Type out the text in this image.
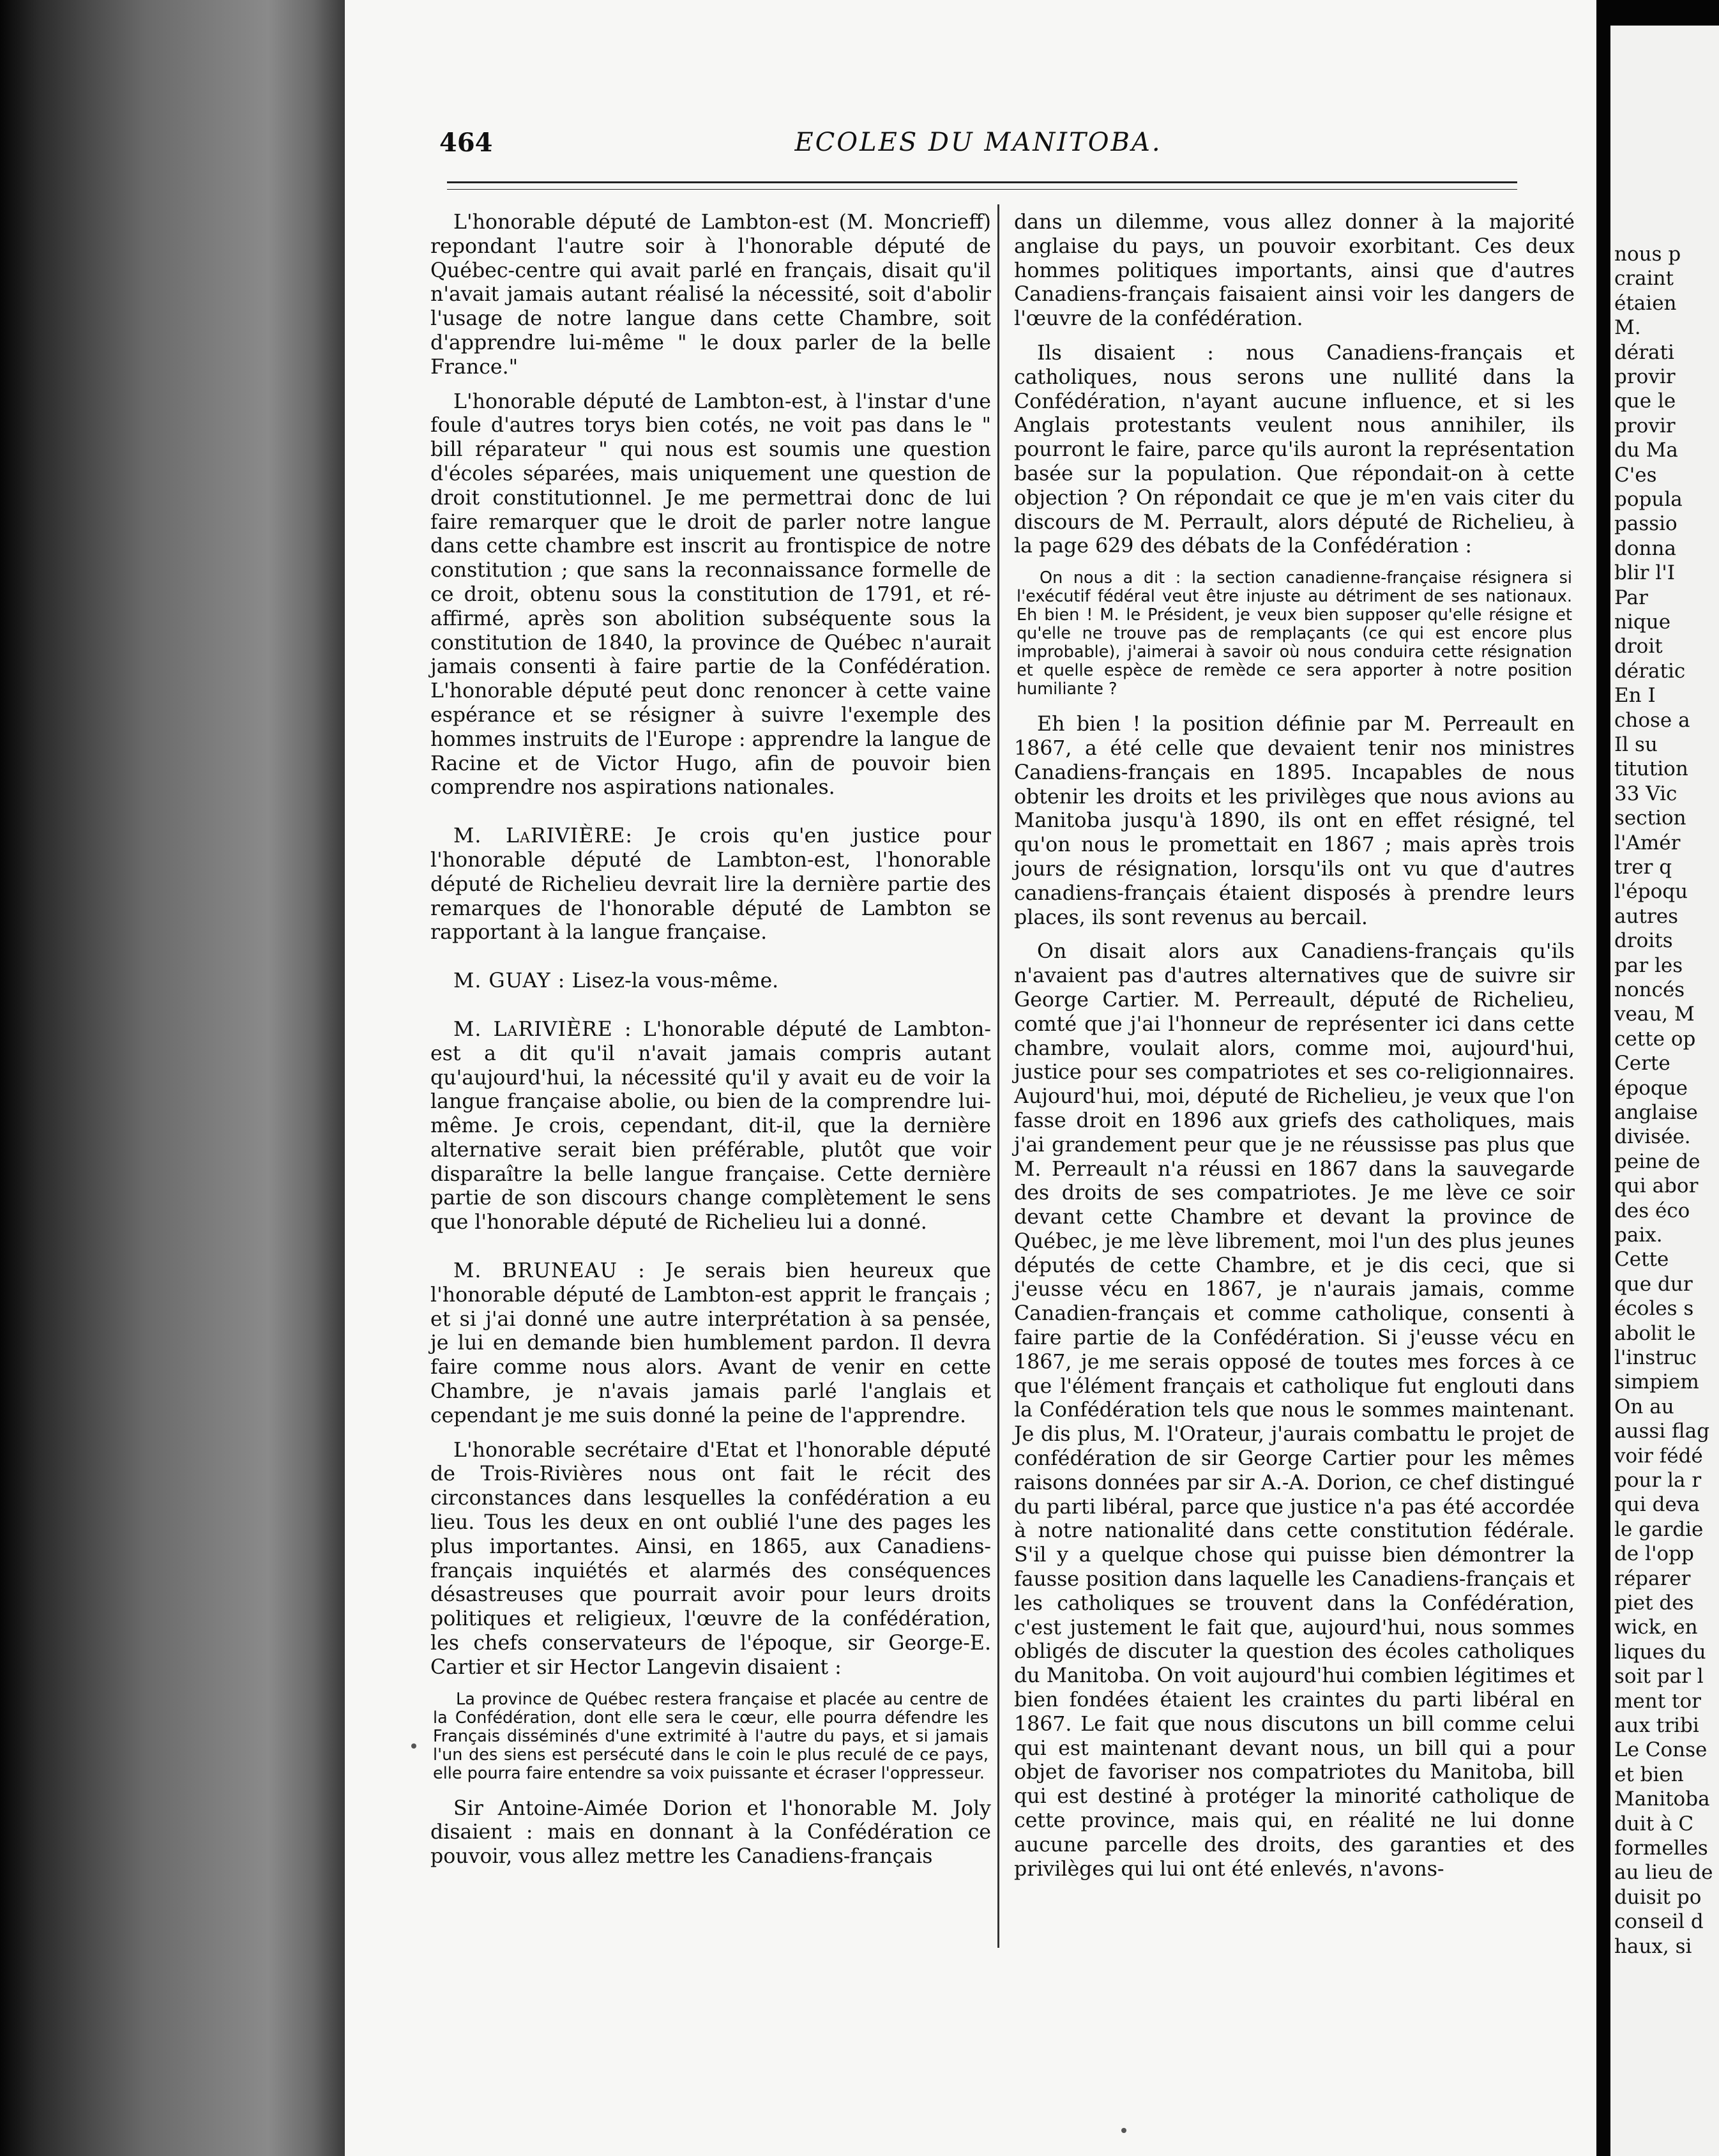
464	ECOLES DU MANITOBA.

L'honorable député de Lambton-est (M. Moncrieff) repondant l'autre soir à l'honorable député de Québec-centre qui avait parlé en français, disait qu'il n'avait jamais autant réalisé la nécessité, soit d'abolir l'usage de notre langue dans cette Chambre, soit d'apprendre lui-même " le doux parler de la belle France."

L'honorable député de Lambton-est, à l'instar d'une foule d'autres torys bien cotés, ne voit pas dans le " bill réparateur " qui nous est soumis une question d'écoles séparées, mais uniquement une question de droit constitutionnel. Je me permettrai donc de lui faire remarquer que le droit de parler notre langue dans cette chambre est inscrit au frontispice de notre constitution ; que sans la reconnaissance formelle de ce droit, obtenu sous la constitution de 1791, et ré-affirmé, après son abolition subséquente sous la constitution de 1840, la province de Québec n'aurait jamais consenti à faire partie de la Confédération. L'honorable député peut donc renoncer à cette vaine espérance et se résigner à suivre l'exemple des hommes instruits de l'Europe : apprendre la langue de Racine et de Victor Hugo, afin de pouvoir bien comprendre nos aspirations nationales.

M. LaRIVIÈRE: Je crois qu'en justice pour l'honorable député de Lambton-est, l'honorable député de Richelieu devrait lire la dernière partie des remarques de l'honorable député de Lambton se rapportant à la langue française.

M. GUAY : Lisez-la vous-même.

M. LaRIVIÈRE : L'honorable député de Lambton-est a dit qu'il n'avait jamais compris autant qu'aujourd'hui, la nécessité qu'il y avait eu de voir la langue française abolie, ou bien de la comprendre lui-même. Je crois, cependant, dit-il, que la dernière alternative serait bien préférable, plutôt que voir disparaître la belle langue française. Cette dernière partie de son discours change complètement le sens que l'honorable député de Richelieu lui a donné.

M. BRUNEAU : Je serais bien heureux que l'honorable député de Lambton-est apprit le français ; et si j'ai donné une autre interprétation à sa pensée, je lui en demande bien humblement pardon. Il devra faire comme nous alors. Avant de venir en cette Chambre, je n'avais jamais parlé l'anglais et cependant je me suis donné la peine de l'apprendre.

L'honorable secrétaire d'Etat et l'honorable député de Trois-Rivières nous ont fait le récit des circonstances dans lesquelles la confédération a eu lieu. Tous les deux en ont oublié l'une des pages les plus importantes. Ainsi, en 1865, aux Canadiens-français inquiétés et alarmés des conséquences désastreuses que pourrait avoir pour leurs droits politiques et religieux, l'œuvre de la confédération, les chefs conservateurs de l'époque, sir George-E. Cartier et sir Hector Langevin disaient :

La province de Québec restera française et placée au centre de la Confédération, dont elle sera le cœur, elle pourra défendre les Français disséminés d'une extrimité à l'autre du pays, et si jamais l'un des siens est persécuté dans le coin le plus reculé de ce pays, elle pourra faire entendre sa voix puissante et écraser l'oppresseur.

Sir Antoine-Aimée Dorion et l'honorable M. Joly disaient : mais en donnant à la Confédération ce pouvoir, vous allez mettre les Canadiens-français

dans un dilemme, vous allez donner à la majorité anglaise du pays, un pouvoir exorbitant. Ces deux hommes politiques importants, ainsi que d'autres Canadiens-français faisaient ainsi voir les dangers de l'œuvre de la confédération.

Ils disaient : nous Canadiens-français et catholiques, nous serons une nullité dans la Confédération, n'ayant aucune influence, et si les Anglais protestants veulent nous annihiler, ils pourront le faire, parce qu'ils auront la représentation basée sur la population. Que répondait-on à cette objection ? On répondait ce que je m'en vais citer du discours de M. Perrault, alors député de Richelieu, à la page 629 des débats de la Confédération :

On nous a dit : la section canadienne-française résignera si l'exécutif fédéral veut être injuste au détriment de ses nationaux. Eh bien ! M. le Président, je veux bien supposer qu'elle résigne et qu'elle ne trouve pas de remplaçants (ce qui est encore plus improbable), j'aimerai à savoir où nous conduira cette résignation et quelle espèce de remède ce sera apporter à notre position humiliante ?

Eh bien ! la position définie par M. Perreault en 1867, a été celle que devaient tenir nos ministres Canadiens-français en 1895. Incapables de nous obtenir les droits et les privilèges que nous avions au Manitoba jusqu'à 1890, ils ont en effet résigné, tel qu'on nous le promettait en 1867 ; mais après trois jours de résignation, lorsqu'ils ont vu que d'autres canadiens-français étaient disposés à prendre leurs places, ils sont revenus au bercail.

On disait alors aux Canadiens-français qu'ils n'avaient pas d'autres alternatives que de suivre sir George Cartier. M. Perreault, député de Richelieu, comté que j'ai l'honneur de représenter ici dans cette chambre, voulait alors, comme moi, aujourd'hui, justice pour ses compatriotes et ses co-religionnaires. Aujourd'hui, moi, député de Richelieu, je veux que l'on fasse droit en 1896 aux griefs des catholiques, mais j'ai grandement peur que je ne réussisse pas plus que M. Perreault n'a réussi en 1867 dans la sauvegarde des droits de ses compatriotes. Je me lève ce soir devant cette Chambre et devant la province de Québec, je me lève librement, moi l'un des plus jeunes députés de cette Chambre, et je dis ceci, que si j'eusse vécu en 1867, je n'aurais jamais, comme Canadien-français et comme catholique, consenti à faire partie de la Confédération. Si j'eusse vécu en 1867, je me serais opposé de toutes mes forces à ce que l'élément français et catholique fut englouti dans la Confédération tels que nous le sommes maintenant. Je dis plus, M. l'Orateur, j'aurais combattu le projet de confédération de sir George Cartier pour les mêmes raisons données par sir A.-A. Dorion, ce chef distingué du parti libéral, parce que justice n'a pas été accordée à notre nationalité dans cette constitution fédérale. S'il y a quelque chose qui puisse bien démontrer la fausse position dans laquelle les Canadiens-français et les catholiques se trouvent dans la Confédération, c'est justement le fait que, aujourd'hui, nous sommes obligés de discuter la question des écoles catholiques du Manitoba. On voit aujourd'hui combien légitimes et bien fondées étaient les craintes du parti libéral en 1867. Le fait que nous discutons un bill comme celui qui est maintenant devant nous, un bill qui a pour objet de favoriser nos compatriotes du Manitoba, bill qui est destiné à protéger la minorité catholique de cette province, mais qui, en réalité ne lui donne aucune parcelle des droits, des garanties et des privilèges qui lui ont été enlevés, n'avons-

nous p
craint
étaien
M.
dérati
provir
que le
provir
du Ma
C'es
popula
passio
donna
blir l'I
Par
nique
droit
dératic
En I
chose a
Il su
titution
33 Vic
section
l'Amér
trer q
l'époqu
autres
droits
par les
noncés
veau, M
cette op
Certe
époque
anglaise
divisée.
peine de
qui abor
des éco
paix.
Cette
que dur
écoles s
abolit le
l'instruc
simpiem
On au
aussi flag
voir fédé
pour la r
qui deva
le gardie
de l'opp
réparer
piet des
wick, en
liques du
soit par l
ment tor
aux tribi
Le Conse
et bien
Manitoba
duit à C
formelles
au lieu de
duisit po
conseil d
haux, si
